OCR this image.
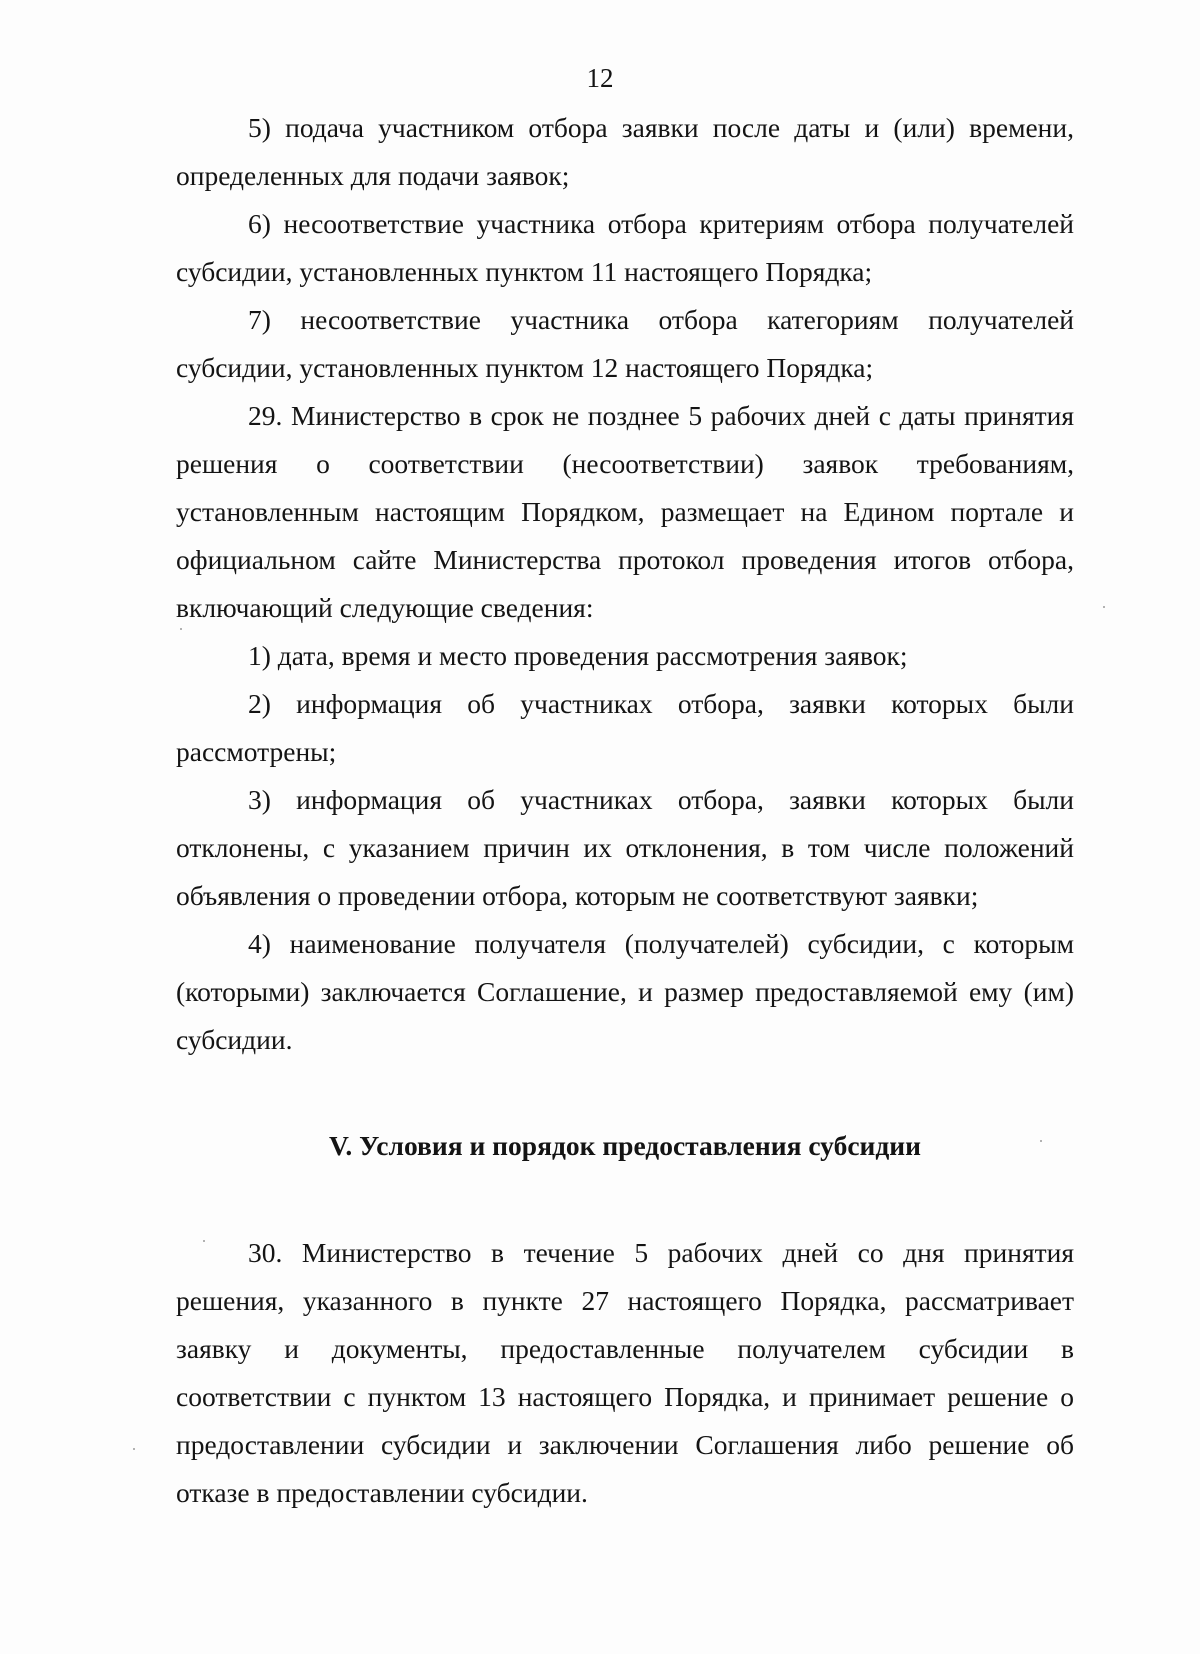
12

5) подача участником отбора заявки после даты и (или) времени, определенных для подачи заявок;

6) несоответствие участника отбора критериям отбора получателей субсидии, установленных пунктом 11 настоящего Порядка;

7) несоответствие участника отбора категориям получателей субсидии, установленных пунктом 12 настоящего Порядка;

29. Министерство в срок не позднее 5 рабочих дней с даты принятия решения о соответствии (несоответствии) заявок требованиям, установленным настоящим Порядком, размещает на Едином портале и официальном сайте Министерства протокол проведения итогов отбора, включающий следующие сведения:

1) дата, время и место проведения рассмотрения заявок;

2) информация об участниках отбора, заявки которых были рассмотрены;

3) информация об участниках отбора, заявки которых были отклонены, с указанием причин их отклонения, в том числе положений объявления о проведении отбора, которым не соответствуют заявки;

4) наименование получателя (получателей) субсидии, с которым (которыми) заключается Соглашение, и размер предоставляемой ему (им) субсидии.

V. Условия и порядок предоставления субсидии

30. Министерство в течение 5 рабочих дней со дня принятия решения, указанного в пункте 27 настоящего Порядка, рассматривает заявку и документы, предоставленные получателем субсидии в соответствии с пунктом 13 настоящего Порядка, и принимает решение о предоставлении субсидии и заключении Соглашения либо решение об отказе в предоставлении субсидии.
